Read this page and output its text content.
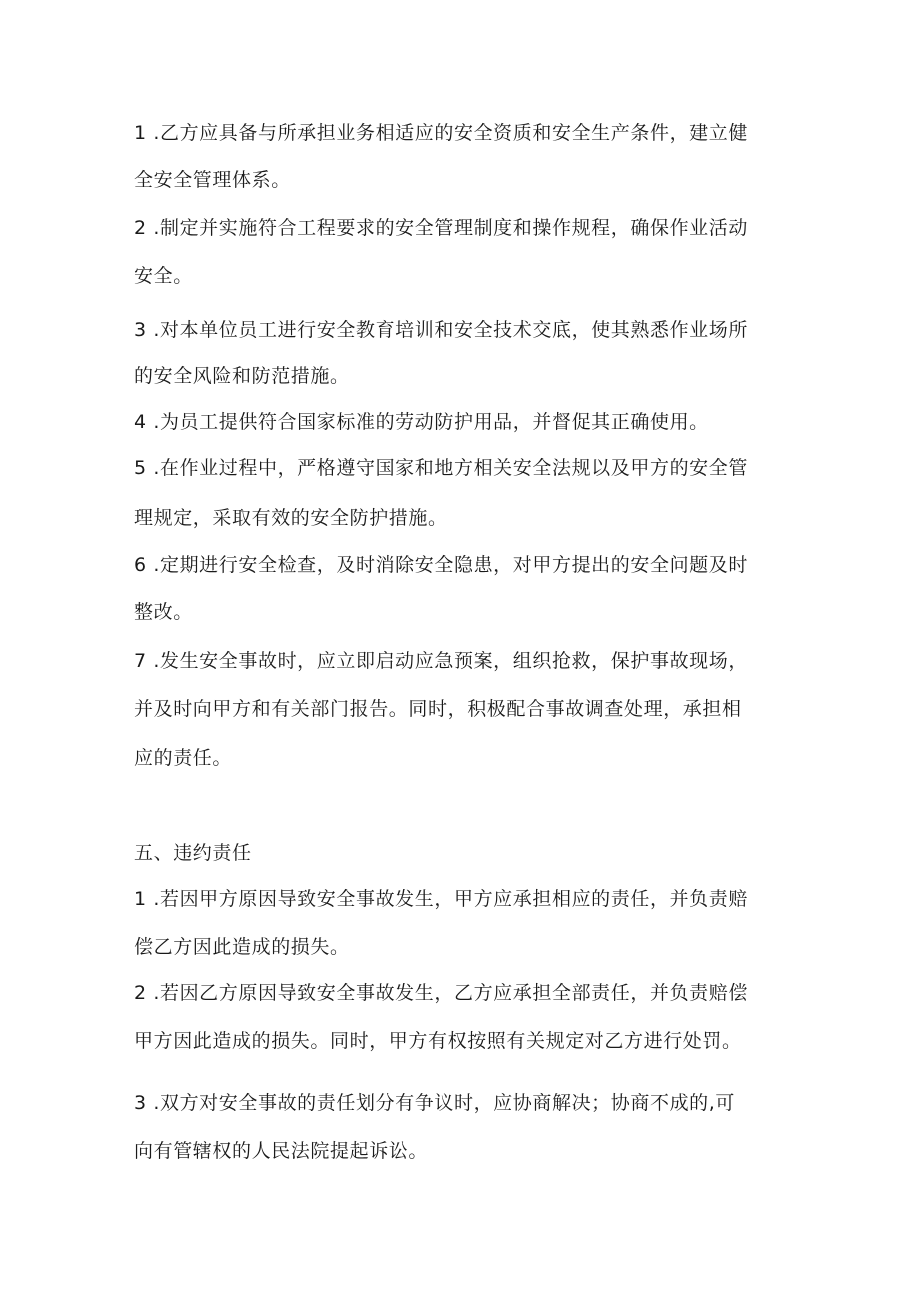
1 .乙方应具备与所承担业务相适应的安全资质和安全生产条件，建立健
全安全管理体系。
2 .制定并实施符合工程要求的安全管理制度和操作规程，确保作业活动
安全。
3 .对本单位员工进行安全教育培训和安全技术交底，使其熟悉作业场所
的安全风险和防范措施。
4 .为员工提供符合国家标准的劳动防护用品，并督促其正确使用。
5 .在作业过程中，严格遵守国家和地方相关安全法规以及甲方的安全管
理规定，采取有效的安全防护措施。
6 .定期进行安全检查，及时消除安全隐患，对甲方提出的安全问题及时
整改。
7 .发生安全事故时，应立即启动应急预案，组织抢救，保护事故现场，
并及时向甲方和有关部门报告。同时，积极配合事故调查处理，承担相
应的责任。
五、违约责任
1 .若因甲方原因导致安全事故发生，甲方应承担相应的责任，并负责赔
偿乙方因此造成的损失。
2 .若因乙方原因导致安全事故发生，乙方应承担全部责任，并负责赔偿
甲方因此造成的损失。同时，甲方有权按照有关规定对乙方进行处罚。
3 .双方对安全事故的责任划分有争议时，应协商解决；协商不成的,可
向有管辖权的人民法院提起诉讼。
